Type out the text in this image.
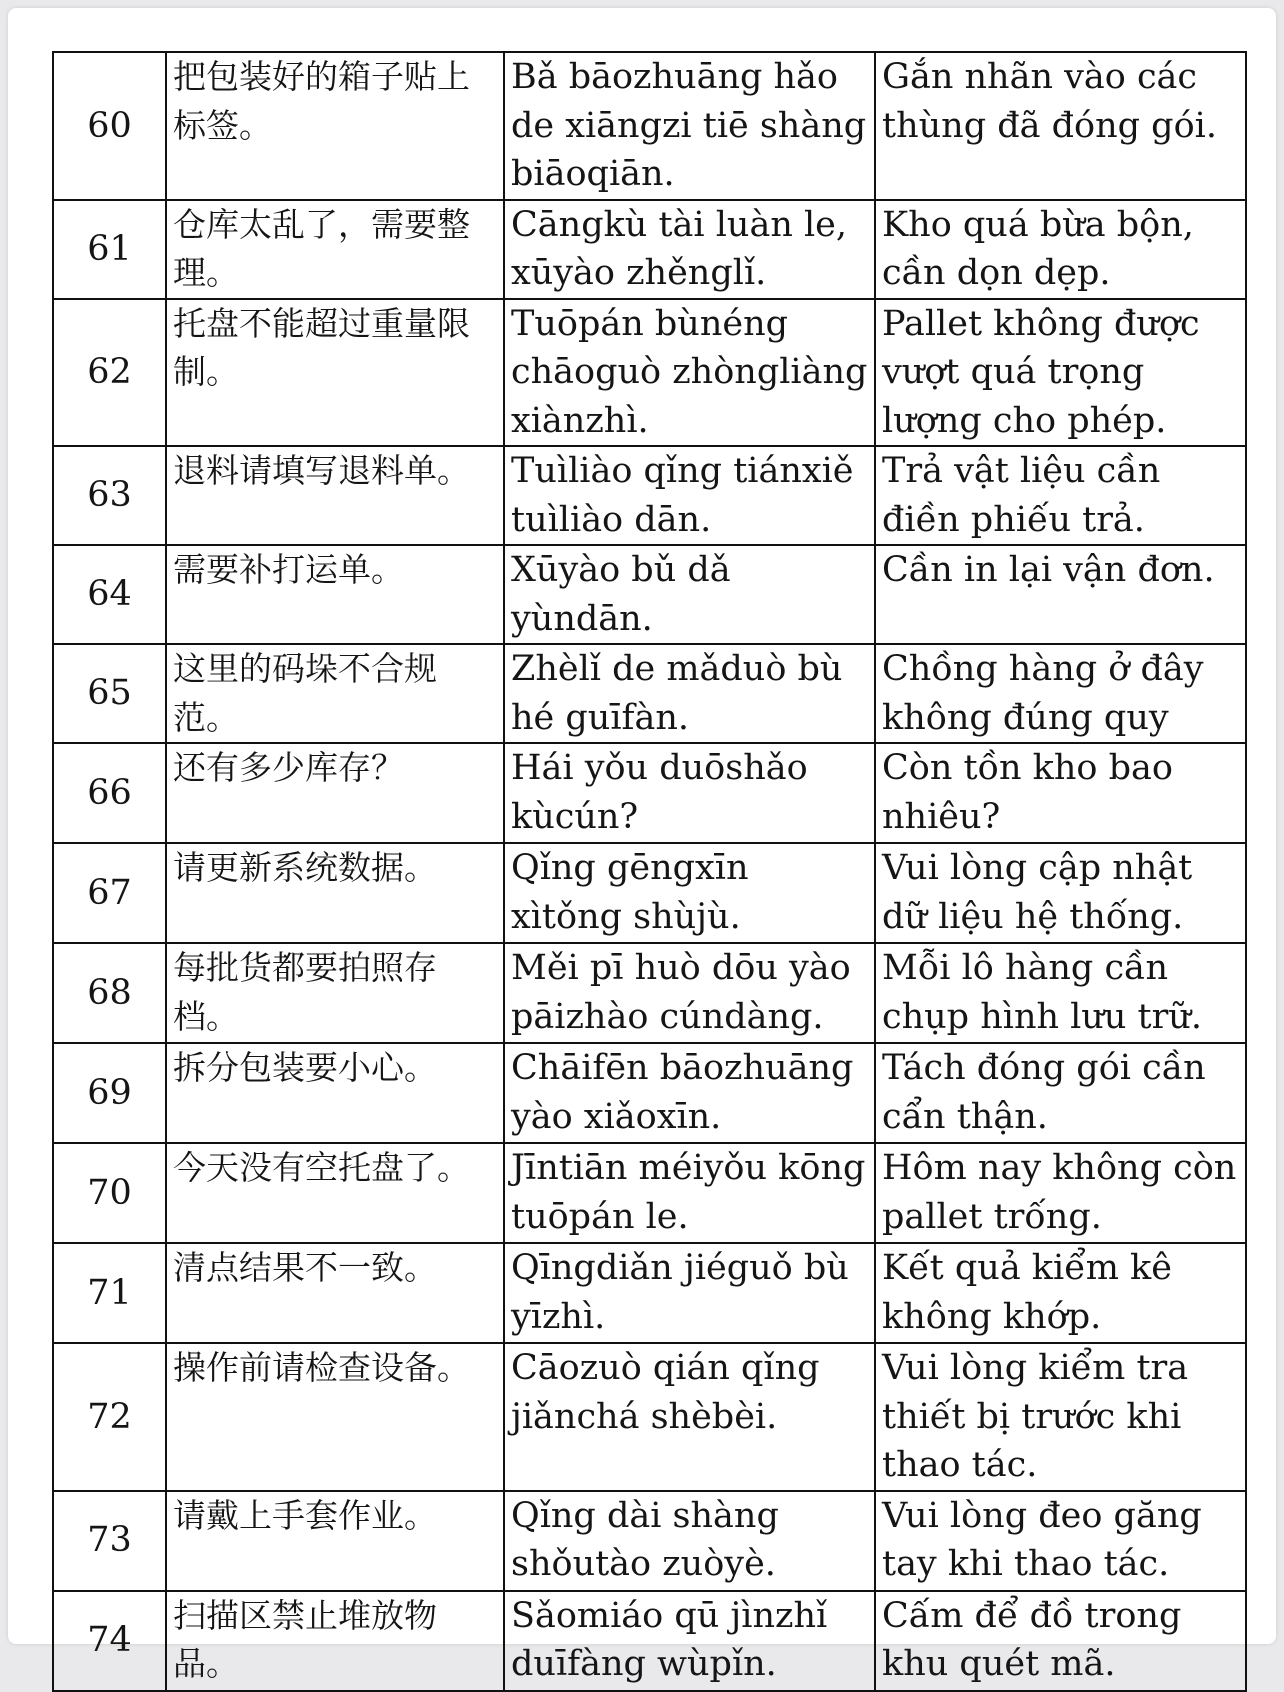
60	把包装好的箱子贴上标签。	Bǎ bāozhuāng hǎo de xiāngzi tiē shàng biāoqiān.	Gắn nhãn vào các thùng đã đóng gói.
61	仓库太乱了，需要整理。	Cāngkù tài luàn le, xūyào zhěnglǐ.	Kho quá bừa bộn, cần dọn dẹp.
62	托盘不能超过重量限制。	Tuōpán bùnéng chāoguò zhòngliàng xiànzhì.	Pallet không được vượt quá trọng lượng cho phép.
63	退料请填写退料单。	Tuìliào qǐng tiánxiě tuìliào dān.	Trả vật liệu cần điền phiếu trả.
64	需要补打运单。	Xūyào bǔ dǎ yùndān.	Cần in lại vận đơn.
65	这里的码垛不合规范。	Zhèlǐ de mǎduò bù hé guīfàn.	Chồng hàng ở đây không đúng quy
66	还有多少库存？	Hái yǒu duōshǎo kùcún?	Còn tồn kho bao nhiêu?
67	请更新系统数据。	Qǐng gēngxīn xìtǒng shùjù.	Vui lòng cập nhật dữ liệu hệ thống.
68	每批货都要拍照存档。	Měi pī huò dōu yào pāizhào cúndàng.	Mỗi lô hàng cần chụp hình lưu trữ.
69	拆分包装要小心。	Chāifēn bāozhuāng yào xiǎoxīn.	Tách đóng gói cần cẩn thận.
70	今天没有空托盘了。	Jīntiān méiyǒu kōng tuōpán le.	Hôm nay không còn pallet trống.
71	清点结果不一致。	Qīngdiǎn jiéguǒ bù yīzhì.	Kết quả kiểm kê không khớp.
72	操作前请检查设备。	Cāozuò qián qǐng jiǎnchá shèbèi.	Vui lòng kiểm tra thiết bị trước khi thao tác.
73	请戴上手套作业。	Qǐng dài shàng shǒutào zuòyè.	Vui lòng đeo găng tay khi thao tác.
74	扫描区禁止堆放物品。	Sǎomiáo qū jìnzhǐ duīfàng wùpǐn.	Cấm để đồ trong khu quét mã.
